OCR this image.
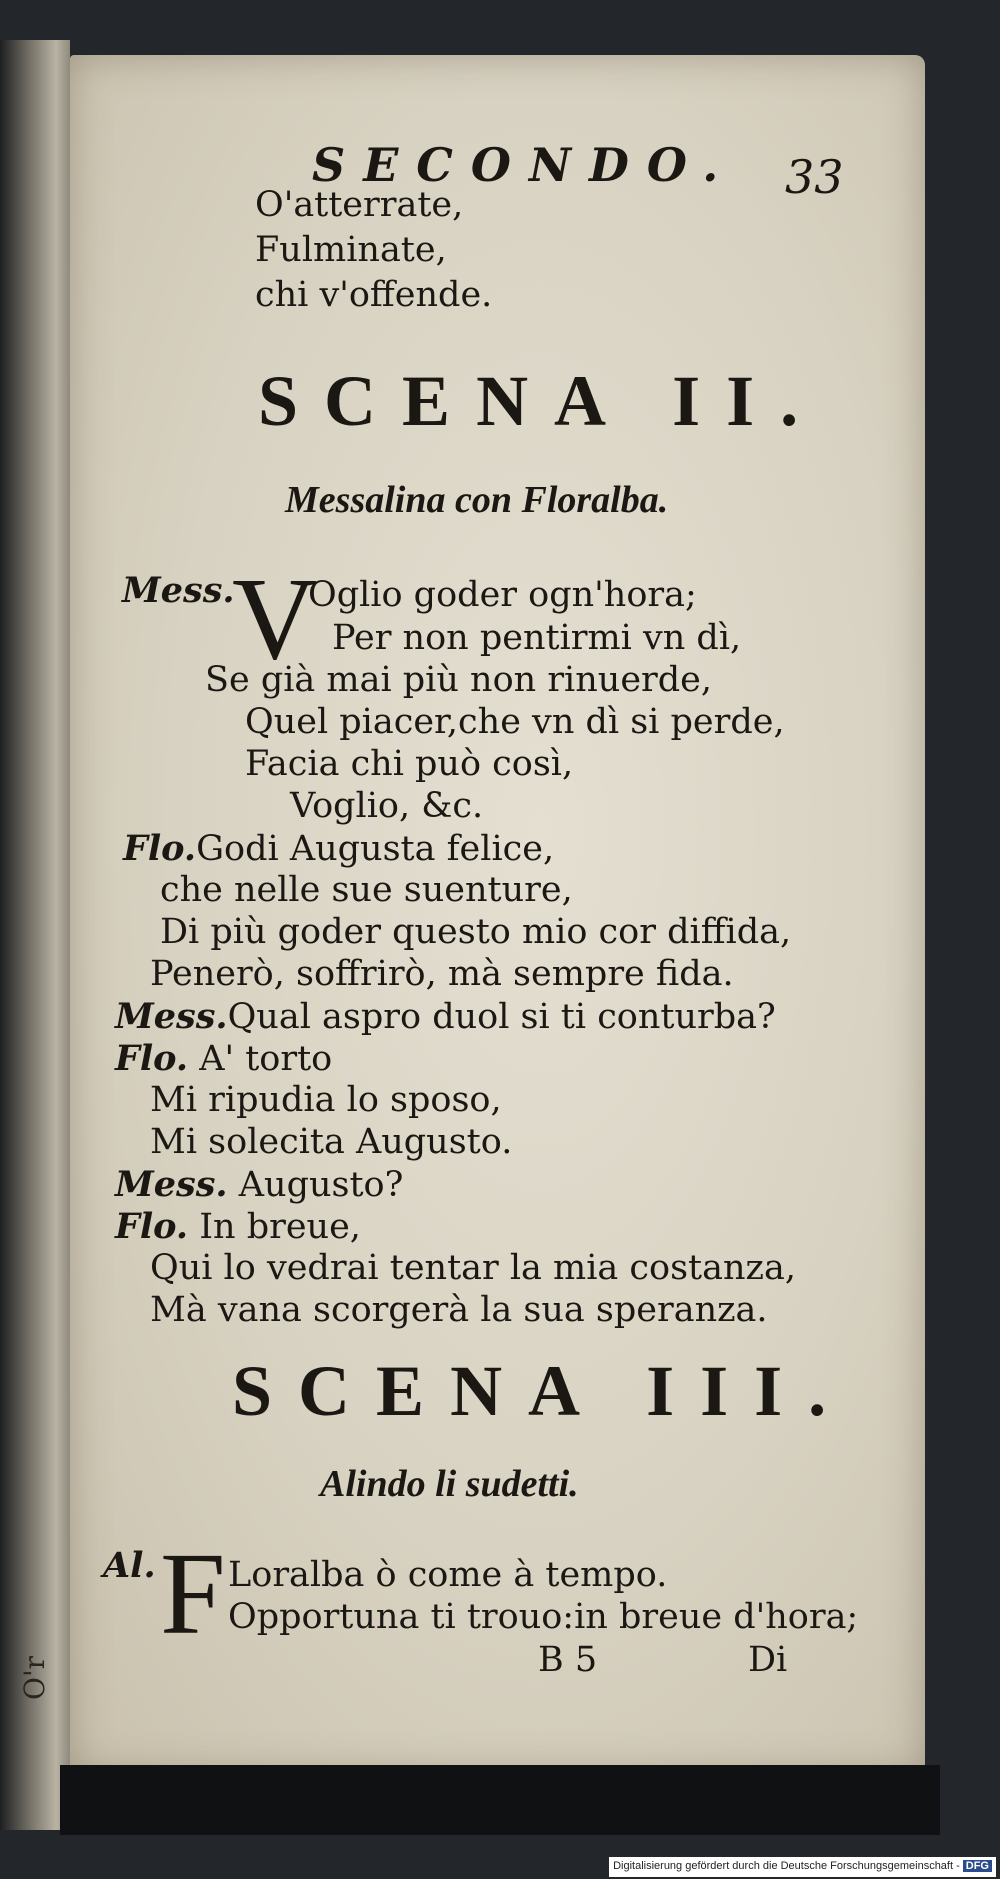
O'r
SECONDO. 33
O'atterrate,
Fulminate,
chi v'offende.
SCENA II.
Messalina con Floralba.
Mess.
V
Oglio goder ogn'hora;
Per non pentirmi vn dì,
Se già mai più non rinuerde,
Quel piacer,che vn dì si perde,
Facia chi può così,
Voglio, &c.
Flo.Godi Augusta felice,
che nelle sue suenture,
Di più goder questo mio cor diffida,
Penerò, soffrirò, mà sempre fida.
Mess.Qual aspro duol si ti conturba?
Flo. A' torto
Mi ripudia lo sposo,
Mi solecita Augusto.
Mess. Augusto?
Flo. In breue,
Qui lo vedrai tentar la mia costanza,
Mà vana scorgerà la sua speranza.
SCENA III.
Alindo li sudetti.
Al. F Loralba ò come à tempo.
Opportuna ti trouo:in breue d'hora;
B 5	Di
Digitalisierung gefördert durch die Deutsche Forschungsgemeinschaft - DFG
